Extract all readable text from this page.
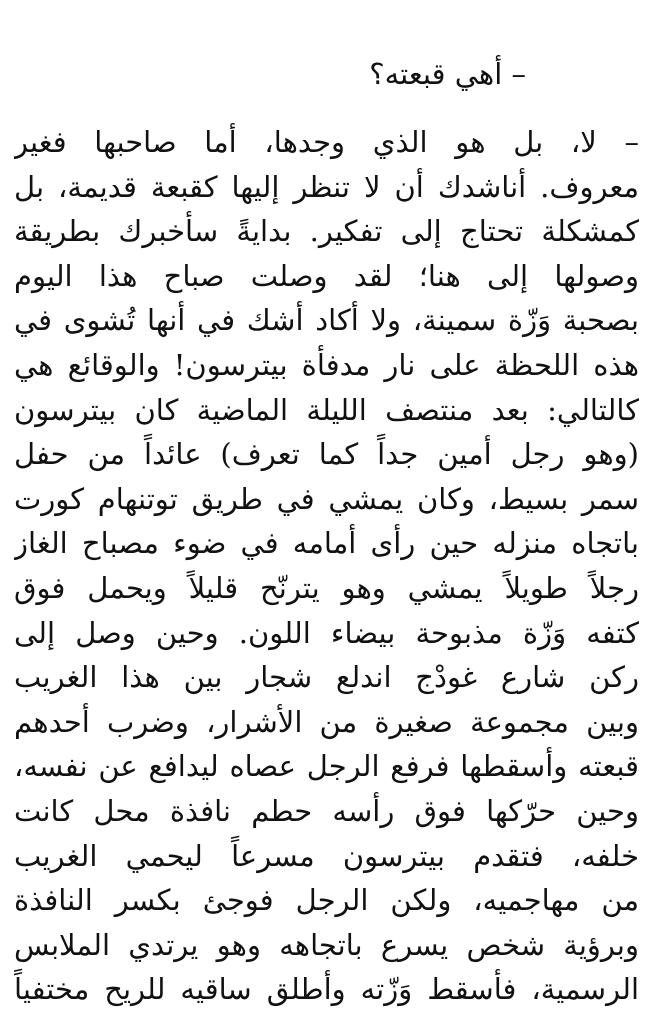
– أهي قبعته؟
– لا، بل هو الذي وجدها، أما صاحبها فغير
معروف. أناشدك أن لا تنظر إليها كقبعة قديمة، بل
كمشكلة تحتاج إلى تفكير. بدايةً سأخبرك بطريقة
وصولها إلى هنا؛ لقد وصلت صباح هذا اليوم
بصحبة وَزّة سمينة، ولا أكاد أشك في أنها تُشوى في
هذه اللحظة على نار مدفأة بيترسون! والوقائع هي
كالتالي: بعد منتصف الليلة الماضية كان بيترسون
(وهو رجل أمين جداً كما تعرف) عائداً من حفل
سمر بسيط، وكان يمشي في طريق توتنهام كورت
باتجاه منزله حين رأى أمامه في ضوء مصباح الغاز
رجلاً طويلاً يمشي وهو يترنّح قليلاً ويحمل فوق
كتفه وَزّة مذبوحة بيضاء اللون. وحين وصل إلى
ركن شارع غودْج اندلع شجار بين هذا الغريب
وبين مجموعة صغيرة من الأشرار، وضرب أحدهم
قبعته وأسقطها فرفع الرجل عصاه ليدافع عن نفسه،
وحين حرّكها فوق رأسه حطم نافذة محل كانت
خلفه، فتقدم بيترسون مسرعاً ليحمي الغريب
من مهاجميه، ولكن الرجل فوجئ بكسر النافذة
وبرؤية شخص يسرع باتجاهه وهو يرتدي الملابس
الرسمية، فأسقط وَزّته وأطلق ساقيه للريح مختفياً
